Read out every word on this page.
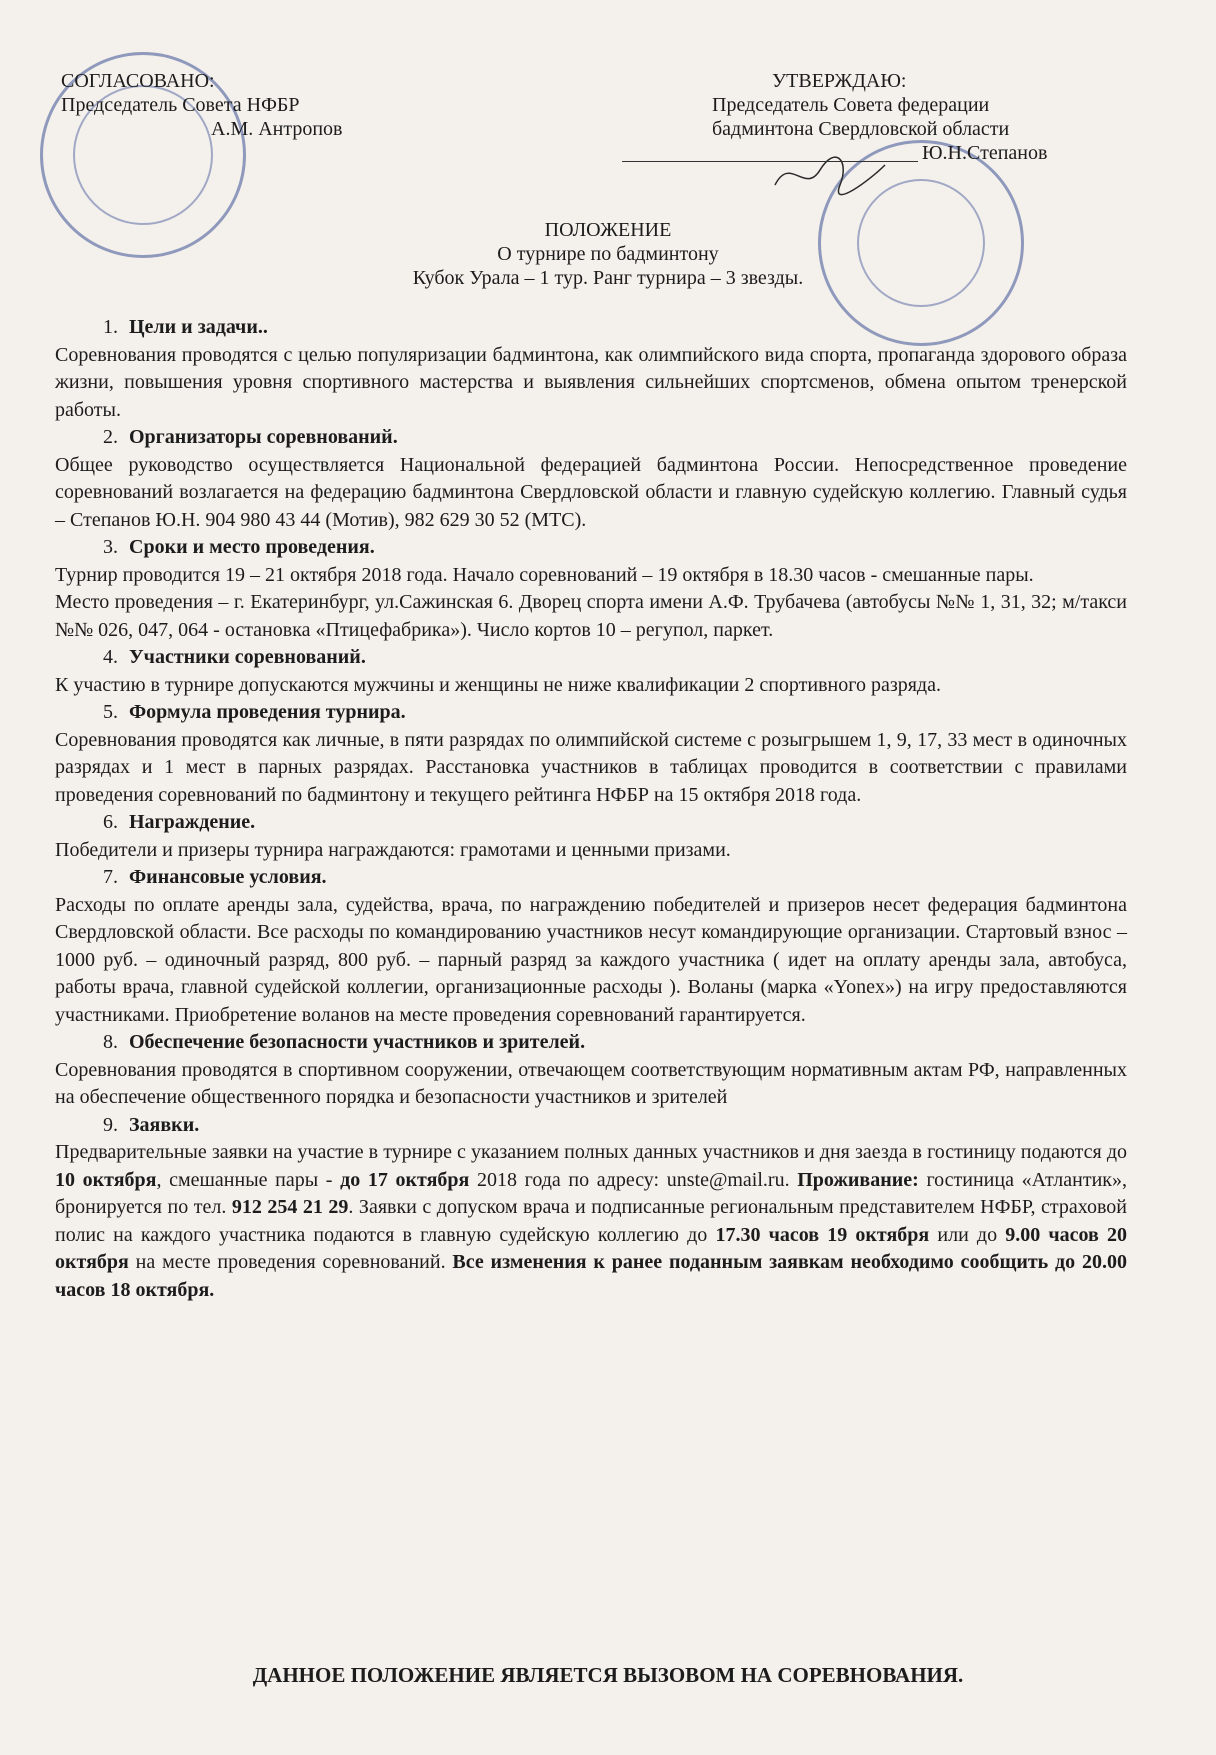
СОГЛАСОВАНО:
Председатель Совета НФБР
А.М. Антропов
УТВЕРЖДАЮ:
Председатель Совета федерации
бадминтона Свердловской области
Ю.Н.Степанов
ПОЛОЖЕНИЕ
О турнире по бадминтону
Кубок Урала – 1 тур. Ранг турнира – 3 звезды.

1. Цели и задачи..

Соревнования проводятся с целью популяризации бадминтона, как олимпийского вида спорта, пропаганда здорового образа жизни, повышения уровня спортивного мастерства и выявления сильнейших спортсменов, обмена опытом тренерской работы.

2. Организаторы соревнований.

Общее руководство осуществляется Национальной федерацией бадминтона России. Непосредственное проведение соревнований возлагается на федерацию бадминтона Свердловской области и главную судейскую коллегию. Главный судья – Степанов Ю.Н. 904 980 43 44 (Мотив), 982 629 30 52 (МТС).

3. Сроки и место проведения.

Турнир проводится 19 – 21 октября 2018 года. Начало соревнований – 19 октября в 18.30 часов - смешанные пары.

Место проведения – г. Екатеринбург, ул.Сажинская 6. Дворец спорта имени А.Ф. Трубачева (автобусы №№ 1, 31, 32; м/такси №№ 026, 047, 064 - остановка «Птицефабрика»). Число кортов 10 – регупол, паркет.

4. Участники соревнований.

К участию в турнире допускаются мужчины и женщины не ниже квалификации 2 спортивного разряда.

5. Формула проведения турнира.

Соревнования проводятся как личные, в пяти разрядах по олимпийской системе с розыгрышем 1, 9, 17, 33 мест в одиночных разрядах и 1 мест в парных разрядах. Расстановка участников в таблицах проводится в соответствии с правилами проведения соревнований по бадминтону и текущего рейтинга НФБР на 15 октября 2018 года.

6. Награждение.

Победители и призеры турнира награждаются: грамотами и ценными призами.

7. Финансовые условия.

Расходы по оплате аренды зала, судейства, врача, по награждению победителей и призеров несет федерация бадминтона Свердловской области. Все расходы по командированию участников несут командирующие организации. Стартовый взнос – 1000 руб. – одиночный разряд, 800 руб. – парный разряд за каждого участника ( идет на оплату аренды зала, автобуса, работы врача, главной судейской коллегии, организационные расходы ). Воланы (марка «Yonex») на игру предоставляются участниками. Приобретение воланов на месте проведения соревнований гарантируется.

8. Обеспечение безопасности участников и зрителей.

Соревнования проводятся в спортивном сооружении, отвечающем соответствующим нормативным актам РФ, направленных на обеспечение общественного порядка и безопасности участников и зрителей

9. Заявки.

Предварительные заявки на участие в турнире с указанием полных данных участников и дня заезда в гостиницу подаются до 10 октября, смешанные пары - до 17 октября 2018 года по адресу: unste@mail.ru. Проживание: гостиница «Атлантик», бронируется по тел. 912 254 21 29. Заявки с допуском врача и подписанные региональным представителем НФБР, страховой полис на каждого участника подаются в главную судейскую коллегию до 17.30 часов 19 октября или до 9.00 часов 20 октября на месте проведения соревнований. Все изменения к ранее поданным заявкам необходимо сообщить до 20.00 часов 18 октября.

ДАННОЕ ПОЛОЖЕНИЕ ЯВЛЯЕТСЯ ВЫЗОВОМ НА СОРЕВНОВАНИЯ.
